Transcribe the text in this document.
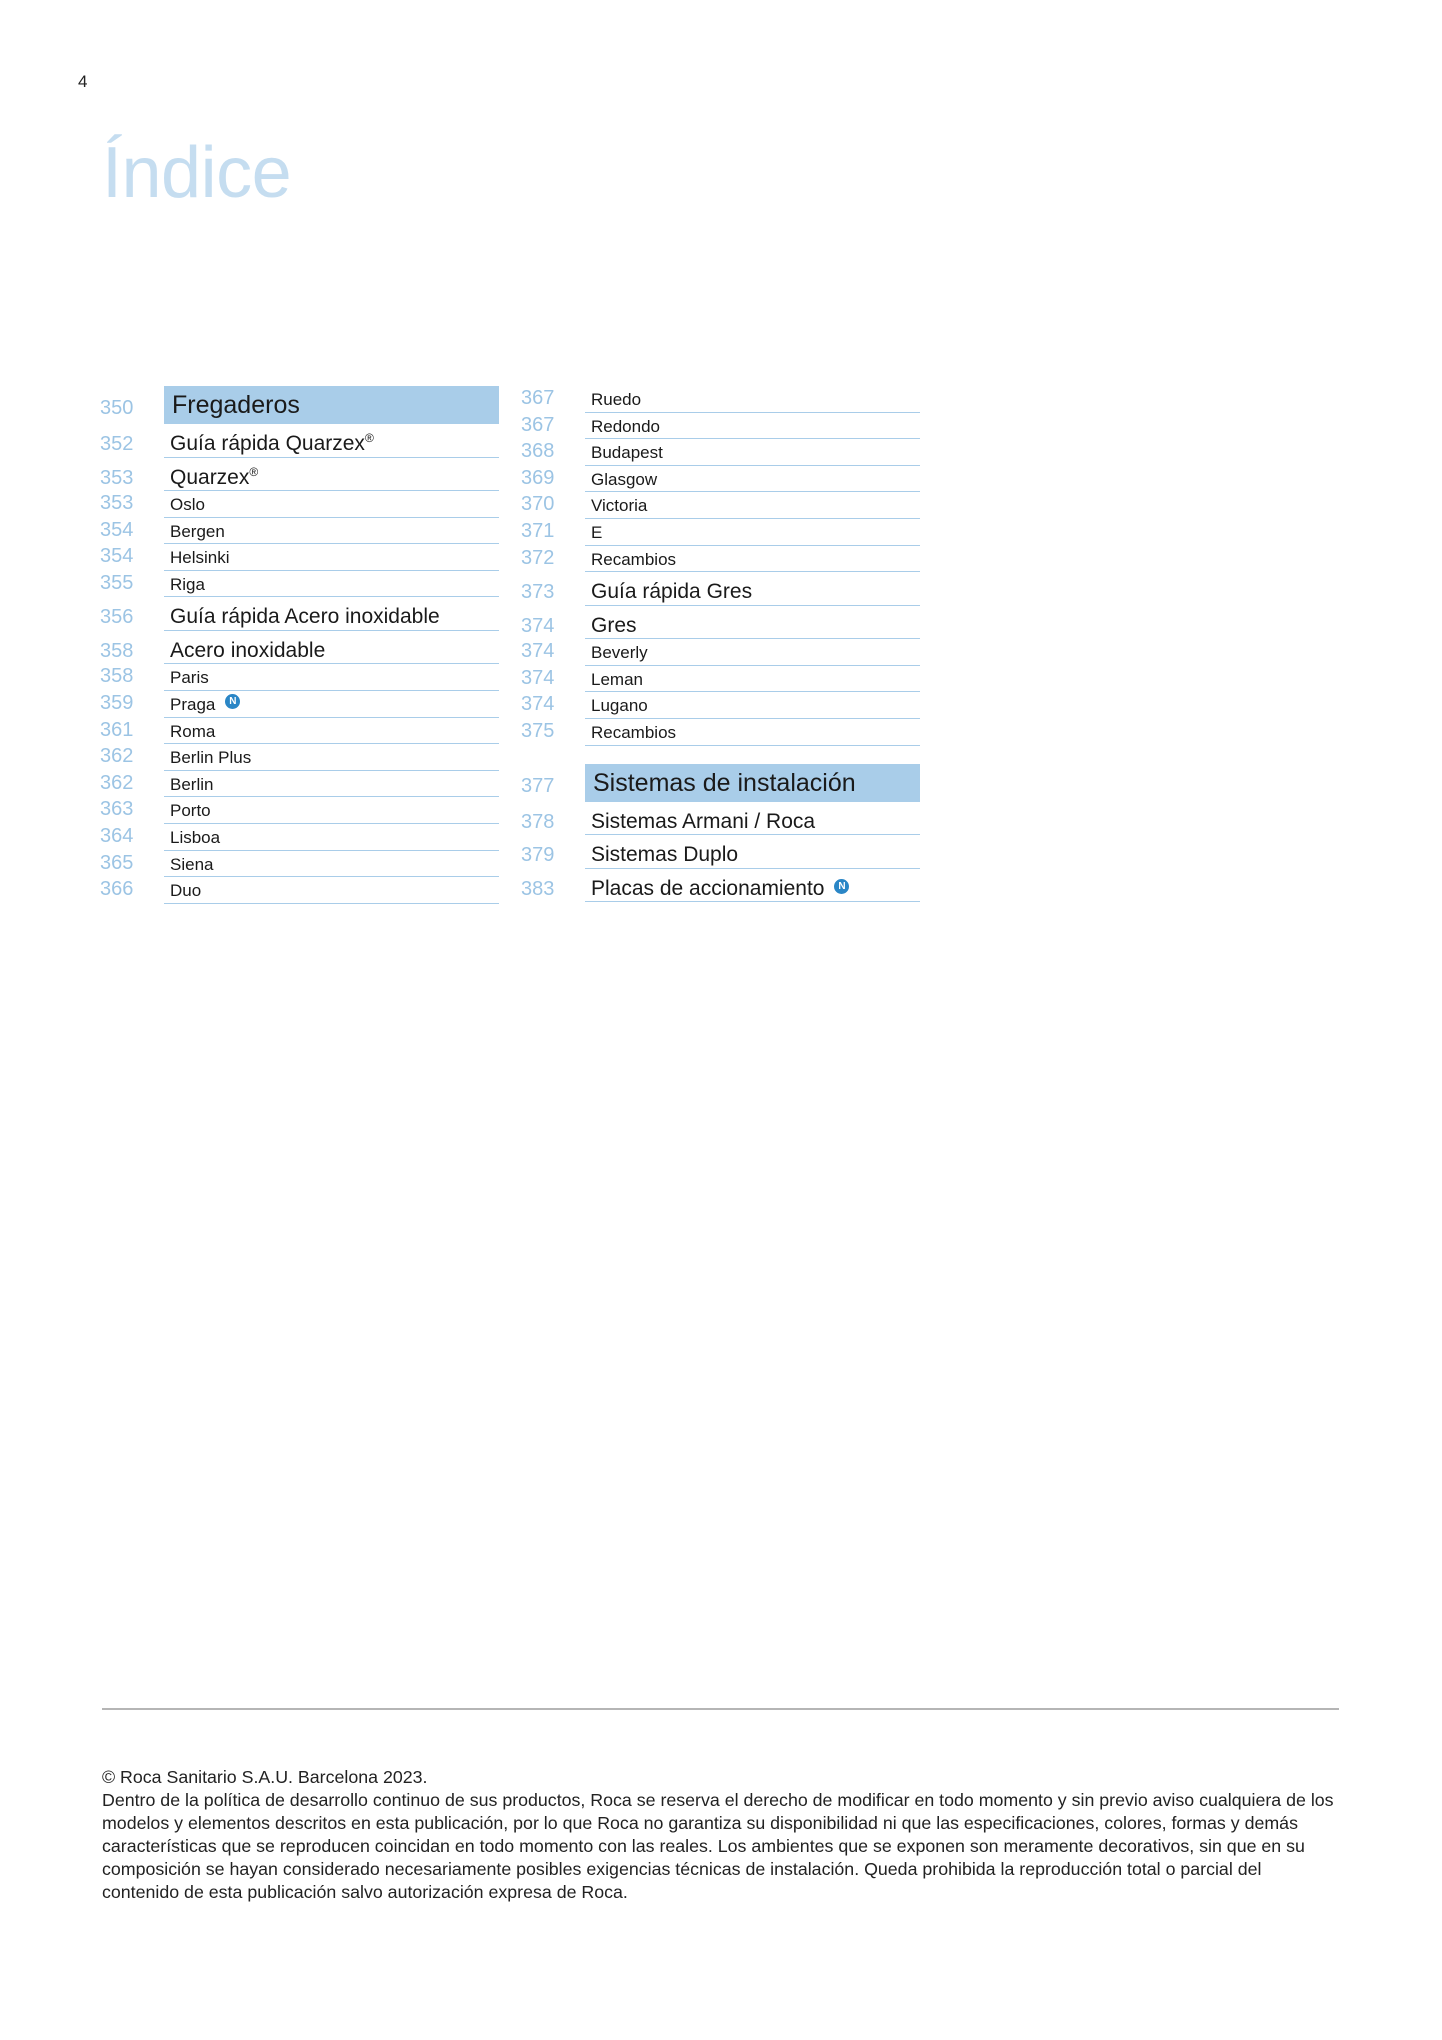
4
Índice
350	Fregaderos
352	Guía rápida Quarzex®
353	Quarzex®
353	Oslo
354	Bergen
354	Helsinki
355	Riga
356	Guía rápida Acero inoxidable
358	Acero inoxidable
358	Paris
359	Praga N
361	Roma
362	Berlin Plus
362	Berlin
363	Porto
364	Lisboa
365	Siena
366	Duo
367	Ruedo
367	Redondo
368	Budapest
369	Glasgow
370	Victoria
371	E
372	Recambios
373	Guía rápida Gres
374	Gres
374	Beverly
374	Leman
374	Lugano
375	Recambios
377	Sistemas de instalación
378	Sistemas Armani / Roca
379	Sistemas Duplo
383	Placas de accionamiento N

© Roca Sanitario S.A.U. Barcelona 2023.

Dentro de la política de desarrollo continuo de sus productos, Roca se reserva el derecho de modificar en todo momento y sin previo aviso cualquiera de los modelos y elementos descritos en esta publicación, por lo que Roca no garantiza su disponibilidad ni que las especificaciones, colores, formas y demás características que se reproducen coincidan en todo momento con las reales. Los ambientes que se exponen son meramente decorativos, sin que en su composición se hayan considerado necesariamente posibles exigencias técnicas de instalación. Queda prohibida la reproducción total o parcial del contenido de esta publicación salvo autorización expresa de Roca.
